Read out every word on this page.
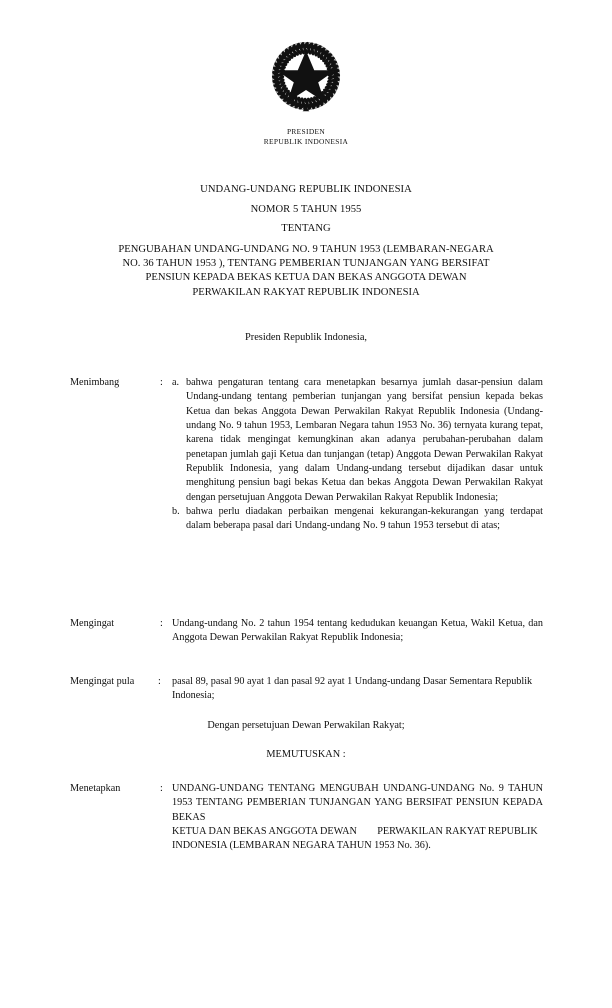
PRESIDEN
REPUBLIK INDONESIA
UNDANG-UNDANG REPUBLIK INDONESIA
NOMOR 5 TAHUN 1955
TENTANG
PENGUBAHAN UNDANG-UNDANG NO. 9 TAHUN 1953 (LEMBARAN-NEGARA
NO. 36 TAHUN 1953 ), TENTANG PEMBERIAN TUNJANGAN YANG BERSIFAT
PENSIUN KEPADA BEKAS KETUA DAN BEKAS ANGGOTA DEWAN
PERWAKILAN RAKYAT REPUBLIK INDONESIA
Presiden Republik Indonesia,
Menimbang	: a. bahwa pengaturan tentang cara menetapkan besarnya jumlah dasar-pensiun dalam Undang-undang tentang pemberian tunjangan yang bersifat pensiun kepada bekas Ketua dan bekas Anggota Dewan Perwakilan Rakyat Republik Indonesia (Undang-undang No. 9 tahun 1953, Lembaran Negara tahun 1953 No. 36) ternyata kurang tepat, karena tidak mengingat kemungkinan akan adanya perubahan-perubahan dalam penetapan jumlah gaji Ketua dan tunjangan (tetap) Anggota Dewan Perwakilan Rakyat Republik Indonesia, yang dalam Undang-undang tersebut dijadikan dasar untuk menghitung pensiun bagi bekas Ketua dan bekas Anggota Dewan Perwakilan Rakyat dengan persetujuan Anggota Dewan Perwakilan Rakyat Republik Indonesia;
b. bahwa perlu diadakan perbaikan mengenai kekurangan-kekurangan yang terdapat dalam beberapa pasal dari Undang-undang No. 9 tahun 1953 tersebut di atas;
Mengingat	: Undang-undang No. 2 tahun 1954 tentang kedudukan keuangan Ketua, Wakil Ketua, dan Anggota Dewan Perwakilan Rakyat Republik Indonesia;
Mengingat pula	:	pasal 89, pasal 90 ayat 1 dan pasal 92 ayat 1 Undang-undang Dasar Sementara Republik Indonesia;
Dengan persetujuan Dewan Perwakilan Rakyat;
MEMUTUSKAN :
Menetapkan	: UNDANG-UNDANG TENTANG MENGUBAH UNDANG-UNDANG No. 9 TAHUN 1953 TENTANG PEMBERIAN TUNJANGAN YANG BERSIFAT PENSIUN KEPADA BEKAS
KETUA DAN BEKAS ANGGOTA DEWAN        PERWAKILAN RAKYAT REPUBLIK INDONESIA (LEMBARAN NEGARA TAHUN 1953 No. 36).
